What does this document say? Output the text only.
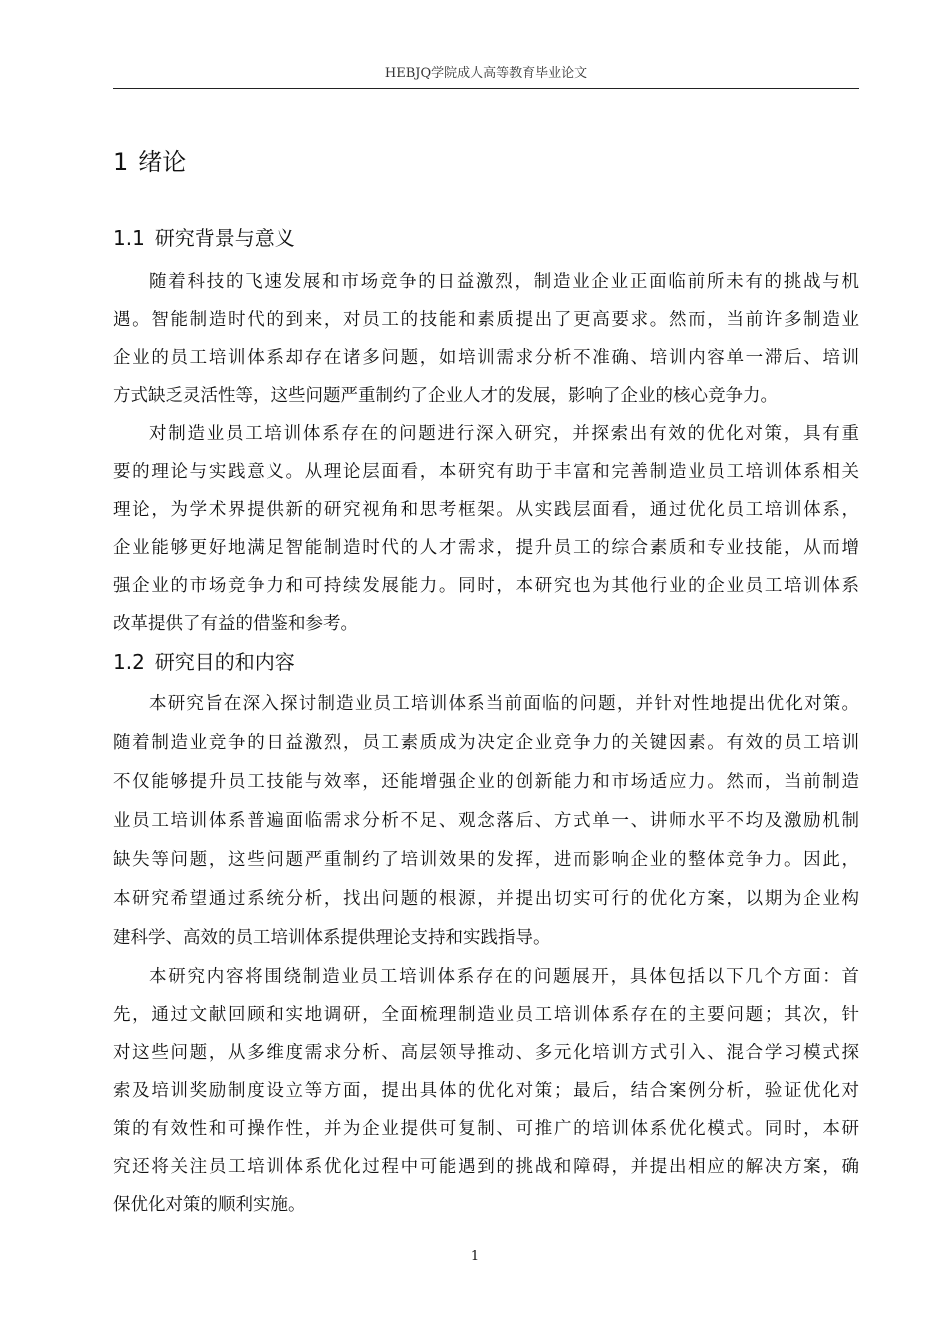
HEBJQ学院成人高等教育毕业论文
1 绪论
1.1 研究背景与意义

随着科技的飞速发展和市场竞争的日益激烈，制造业企业正面临前所未有的挑战与机

遇。智能制造时代的到来，对员工的技能和素质提出了更高要求。然而，当前许多制造业

企业的员工培训体系却存在诸多问题，如培训需求分析不准确、培训内容单一滞后、培训

方式缺乏灵活性等，这些问题严重制约了企业人才的发展，影响了企业的核心竞争力。

对制造业员工培训体系存在的问题进行深入研究，并探索出有效的优化对策，具有重

要的理论与实践意义。从理论层面看，本研究有助于丰富和完善制造业员工培训体系相关

理论，为学术界提供新的研究视角和思考框架。从实践层面看，通过优化员工培训体系，

企业能够更好地满足智能制造时代的人才需求，提升员工的综合素质和专业技能，从而增

强企业的市场竞争力和可持续发展能力。同时，本研究也为其他行业的企业员工培训体系

改革提供了有益的借鉴和参考。

1.2 研究目的和内容

本研究旨在深入探讨制造业员工培训体系当前面临的问题，并针对性地提出优化对策。

随着制造业竞争的日益激烈，员工素质成为决定企业竞争力的关键因素。有效的员工培训

不仅能够提升员工技能与效率，还能增强企业的创新能力和市场适应力。然而，当前制造

业员工培训体系普遍面临需求分析不足、观念落后、方式单一、讲师水平不均及激励机制

缺失等问题，这些问题严重制约了培训效果的发挥，进而影响企业的整体竞争力。因此，

本研究希望通过系统分析，找出问题的根源，并提出切实可行的优化方案，以期为企业构

建科学、高效的员工培训体系提供理论支持和实践指导。

本研究内容将围绕制造业员工培训体系存在的问题展开，具体包括以下几个方面：首

先，通过文献回顾和实地调研，全面梳理制造业员工培训体系存在的主要问题；其次，针

对这些问题，从多维度需求分析、高层领导推动、多元化培训方式引入、混合学习模式探

索及培训奖励制度设立等方面，提出具体的优化对策；最后，结合案例分析，验证优化对

策的有效性和可操作性，并为企业提供可复制、可推广的培训体系优化模式。同时，本研

究还将关注员工培训体系优化过程中可能遇到的挑战和障碍，并提出相应的解决方案，确

保优化对策的顺利实施。

1
